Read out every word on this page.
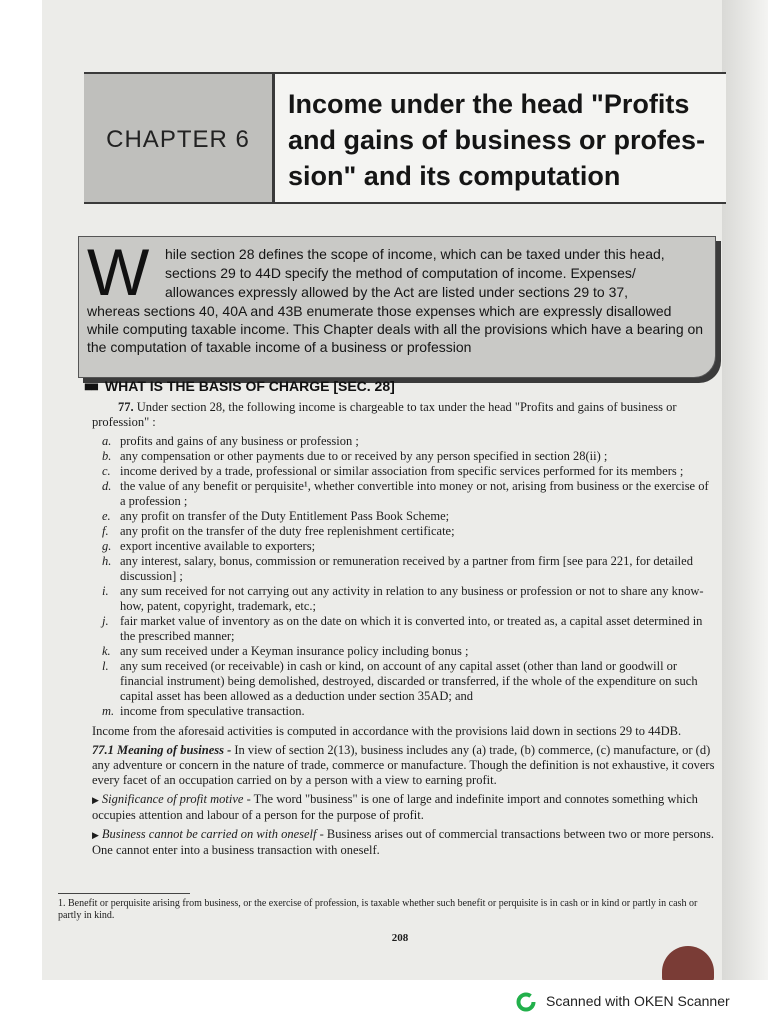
CHAPTER 6
Income under the head "Profits
and gains of business or profes-
sion" and its computation
W hile section 28 defines the scope of income, which can be taxed under this head, sections 29 to 44D specify the method of computation of income. Expenses/ allowances expressly allowed by the Act are listed under sections 29 to 37,
whereas sections 40, 40A and 43B enumerate those expenses which are expressly disallowed while computing taxable income. This Chapter deals with all the provisions which have a bearing on the computation of taxable income of a business or profession
■■ WHAT IS THE BASIS OF CHARGE [SEC. 28]

77. Under section 28, the following income is chargeable to tax under the head "Profits and gains of business or profession" :

a. profits and gains of any business or profession ;
b. any compensation or other payments due to or received by any person specified in section 28(ii) ;
c. income derived by a trade, professional or similar association from specific services performed for its members ;
d. the value of any benefit or perquisite¹, whether convertible into money or not, arising from business or the exercise of a profession ;
e. any profit on transfer of the Duty Entitlement Pass Book Scheme;
f. any profit on the transfer of the duty free replenishment certificate;
g. export incentive available to exporters;
h. any interest, salary, bonus, commission or remuneration received by a partner from firm [see para 221, for detailed discussion] ;
i. any sum received for not carrying out any activity in relation to any business or profession or not to share any know-how, patent, copyright, trademark, etc.;
j. fair market value of inventory as on the date on which it is converted into, or treated as, a capital asset determined in the prescribed manner;
k. any sum received under a Keyman insurance policy including bonus ;
l. any sum received (or receivable) in cash or kind, on account of any capital asset (other than land or goodwill or financial instrument) being demolished, destroyed, discarded or transferred, if the whole of the expenditure on such capital asset has been allowed as a deduction under section 35AD; and
m. income from speculative transaction.

Income from the aforesaid activities is computed in accordance with the provisions laid down in sections 29 to 44DB.

77.1 Meaning of business - In view of section 2(13), business includes any (a) trade, (b) commerce, (c) manufacture, or (d) any adventure or concern in the nature of trade, commerce or manufacture. Though the definition is not exhaustive, it covers every facet of an occupation carried on by a person with a view to earning profit.

▶ Significance of profit motive - The word "business" is one of large and indefinite import and connotes something which occupies attention and labour of a person for the purpose of profit.

▶ Business cannot be carried on with oneself - Business arises out of commercial transactions between two or more persons. One cannot enter into a business transaction with oneself.

1. Benefit or perquisite arising from business, or the exercise of profession, is taxable whether such benefit or perquisite is in cash or in kind or partly in cash or partly in kind.
208
Scanned with OKEN Scanner
